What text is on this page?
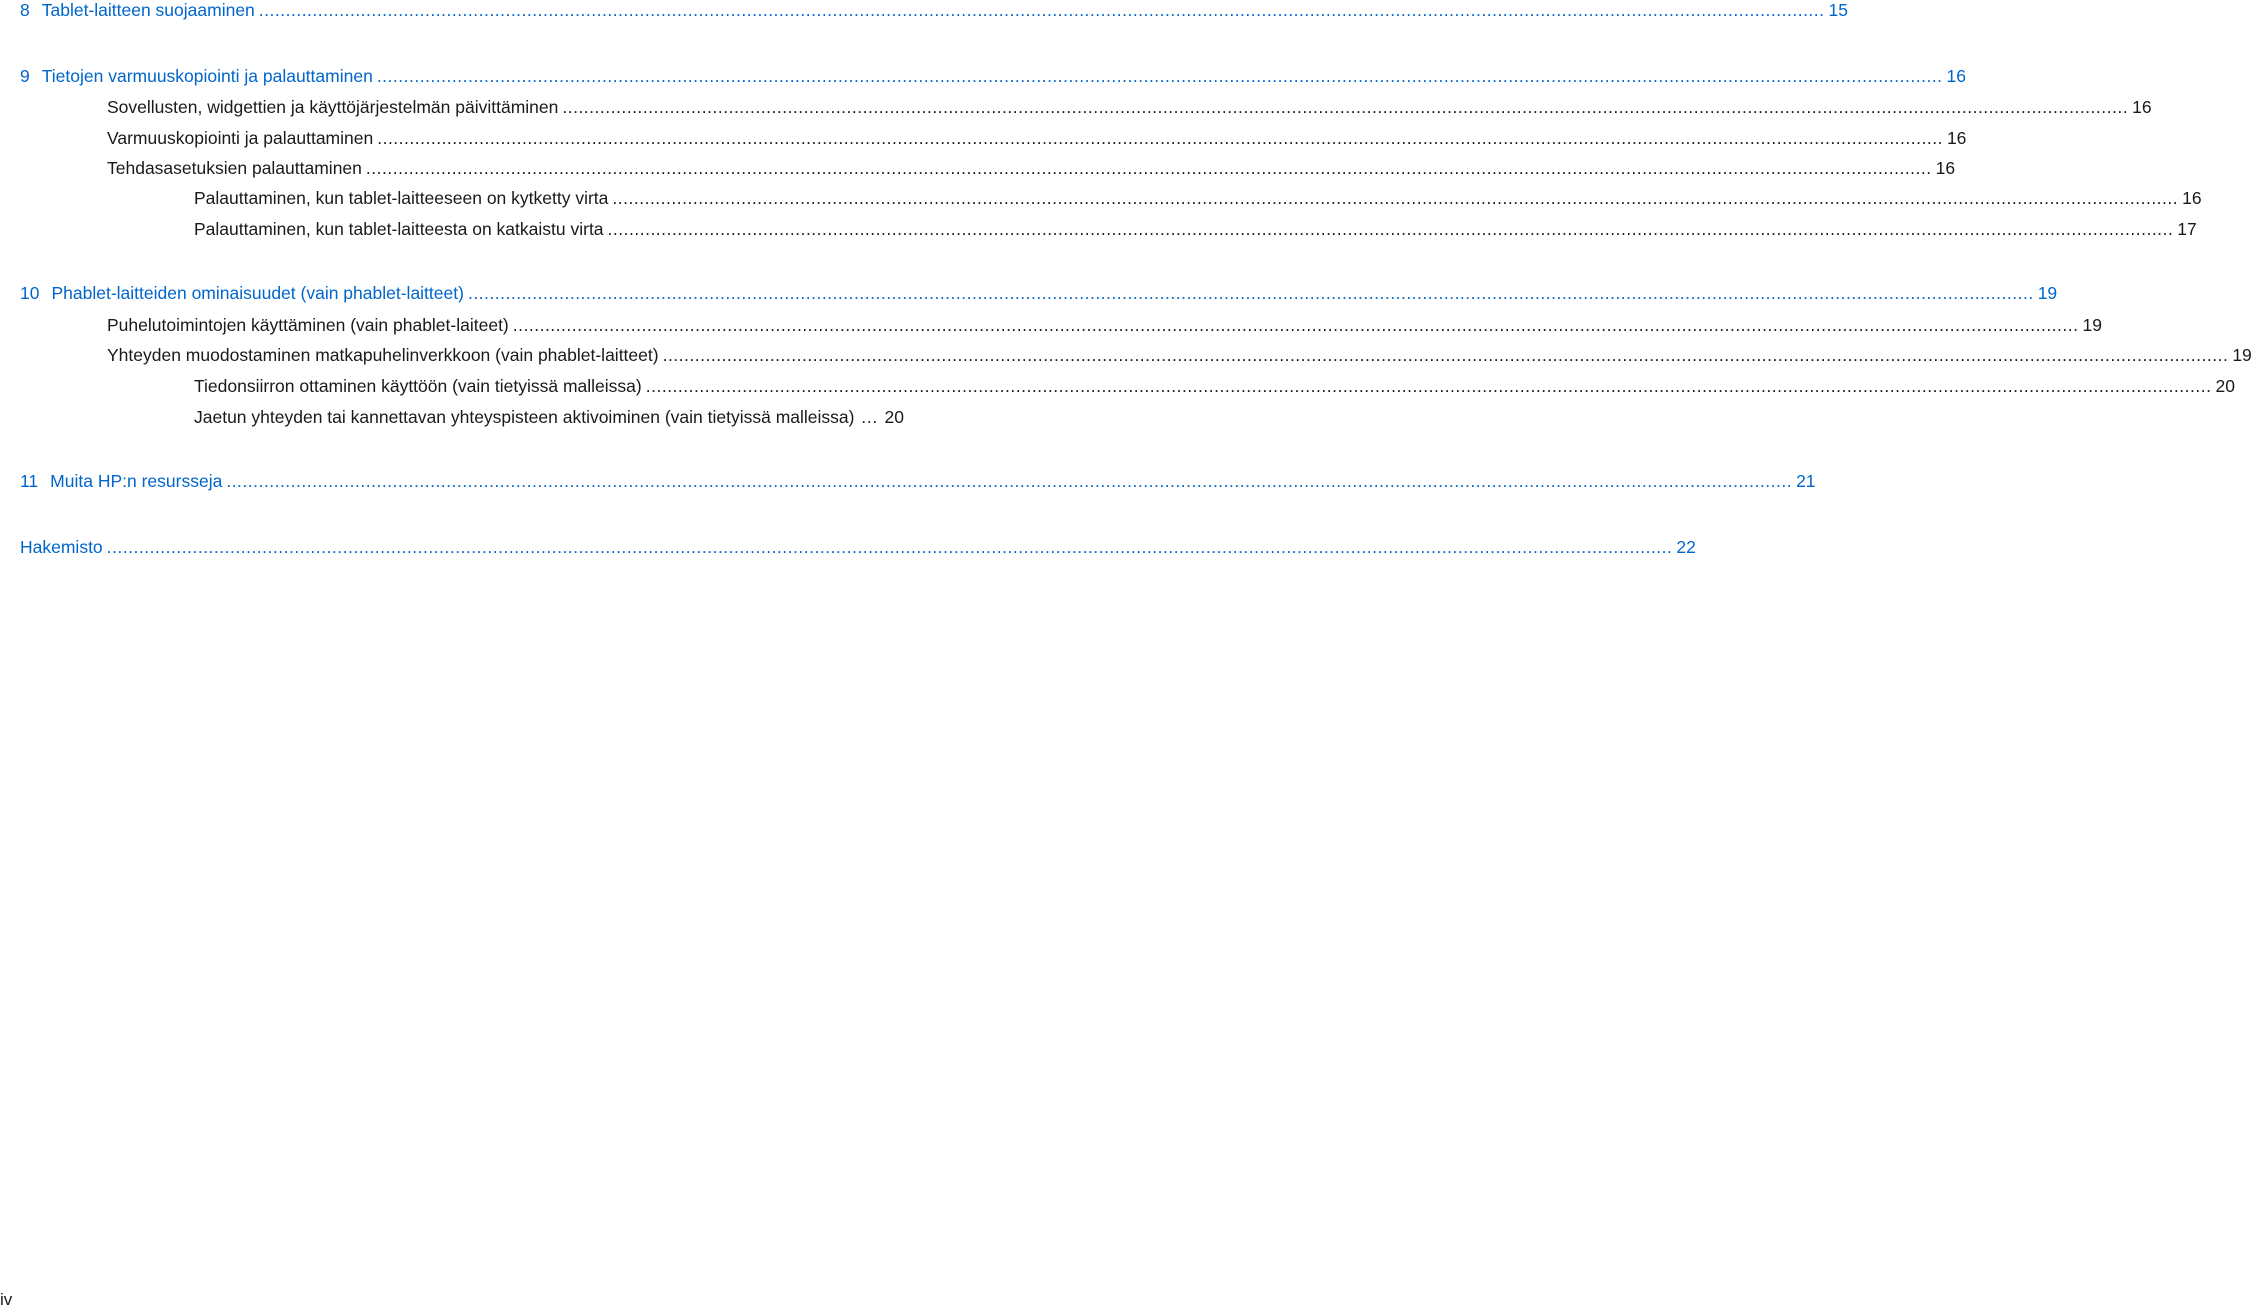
8 Tablet-laitteen suojaaminen .....	15
9 Tietojen varmuuskopiointi ja palauttaminen .....	16
Sovellusten, widgettien ja käyttöjärjestelmän päivittäminen .....	16
Varmuuskopiointi ja palauttaminen .....	16
Tehdasasetuksien palauttaminen .....	16
Palauttaminen, kun tablet-laitteeseen on kytketty virta .....	16
Palauttaminen, kun tablet-laitteesta on katkaistu virta .....	17
10 Phablet-laitteiden ominaisuudet (vain phablet-laitteet) .....	19
Puhelutoimintojen käyttäminen (vain phablet-laiteet) .....	19
Yhteyden muodostaminen matkapuhelinverkkoon (vain phablet-laitteet) .....	19
Tiedonsiirron ottaminen käyttöön (vain tietyissä malleissa) .....	20
Jaetun yhteyden tai kannettavan yhteyspisteen aktivoiminen (vain tietyissä malleissa) … 20
11 Muita HP:n resursseja .....	21
Hakemisto .....	22
iv
